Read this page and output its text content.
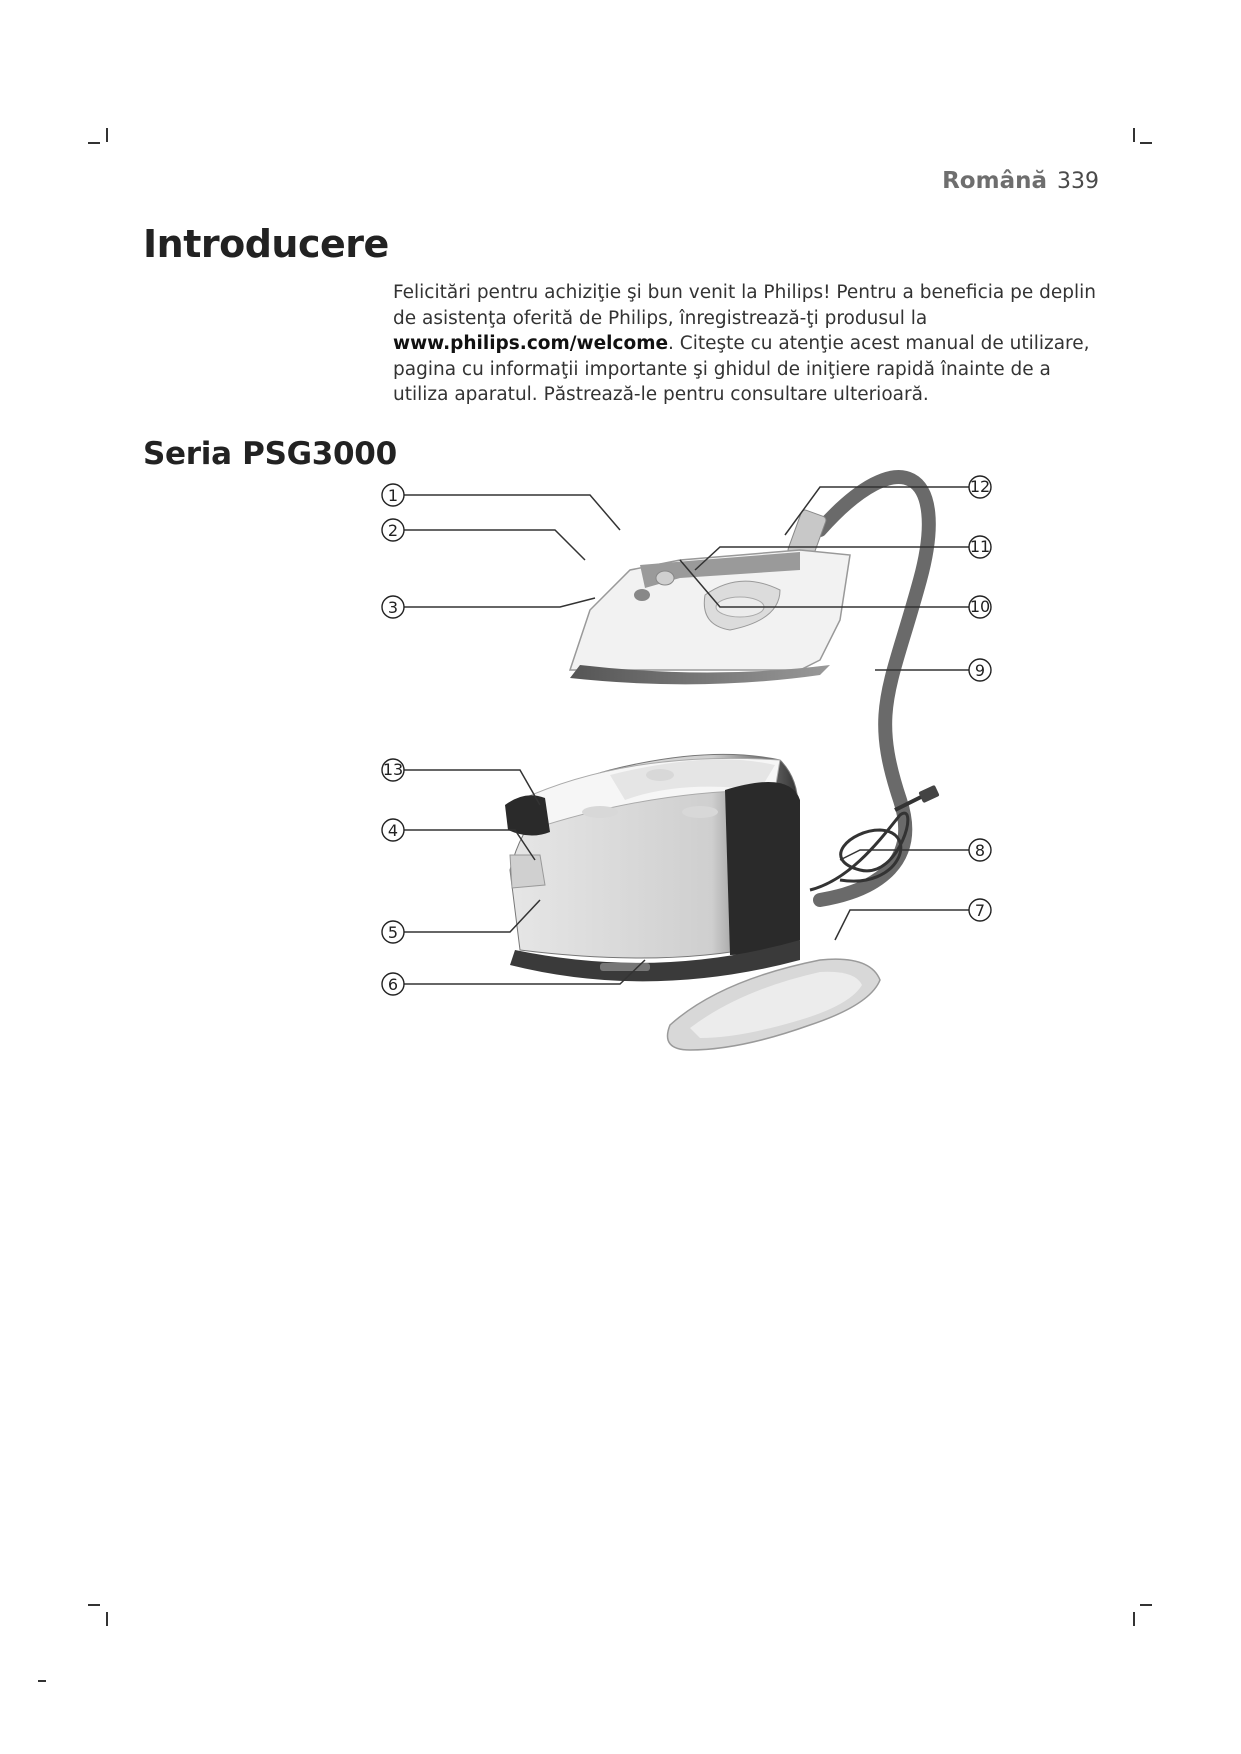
Română 339
Introducere

Felicitări pentru achiziţie şi bun venit la Philips! Pentru a beneficia pe deplin de asistenţa oferită de Philips, înregistrează-ţi produsul la www.philips.com/welcome. Citeşte cu atenţie acest manual de utilizare, pagina cu informaţii importante şi ghidul de iniţiere rapidă înainte de a utiliza aparatul. Păstrează-le pentru consultare ulterioară.

Seria PSG3000
1
2
3
13
4
5
6
12
11
10
9
8
7
